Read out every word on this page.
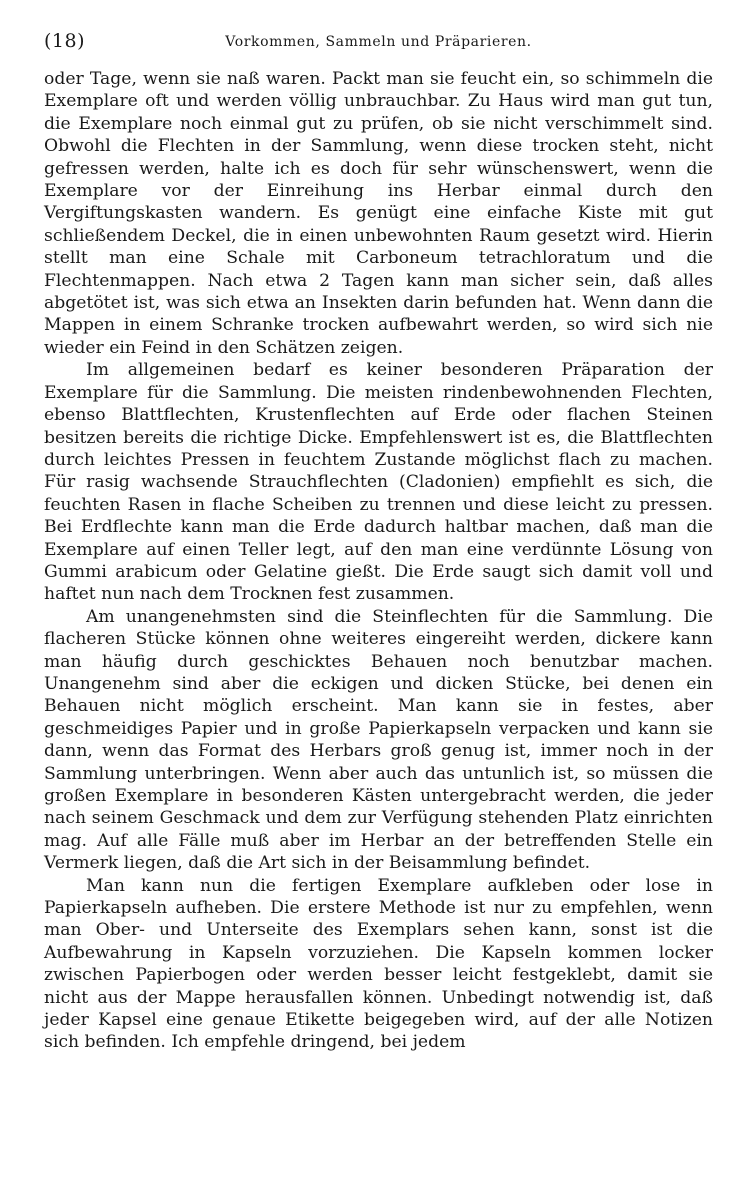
(18)	Vorkommen, Sammeln und Präparieren.

oder Tage, wenn sie naß waren. Packt man sie feucht ein, so schimmeln die Exemplare oft und werden völlig unbrauchbar. Zu Haus wird man gut tun, die Exemplare noch einmal gut zu prüfen, ob sie nicht verschimmelt sind. Obwohl die Flechten in der Sammlung, wenn diese trocken steht, nicht gefressen werden, halte ich es doch für sehr wünschenswert, wenn die Exemplare vor der Einreihung ins Herbar einmal durch den Vergiftungskasten wandern. Es genügt eine einfache Kiste mit gut schließendem Deckel, die in einen unbewohnten Raum gesetzt wird. Hierin stellt man eine Schale mit Carboneum tetrachloratum und die Flechtenmappen. Nach etwa 2 Tagen kann man sicher sein, daß alles abgetötet ist, was sich etwa an Insekten darin befunden hat. Wenn dann die Mappen in einem Schranke trocken aufbewahrt werden, so wird sich nie wieder ein Feind in den Schätzen zeigen.

Im allgemeinen bedarf es keiner besonderen Präparation der Exemplare für die Sammlung. Die meisten rindenbewohnenden Flechten, ebenso Blattflechten, Krustenflechten auf Erde oder flachen Steinen besitzen bereits die richtige Dicke. Empfehlenswert ist es, die Blattflechten durch leichtes Pressen in feuchtem Zustande möglichst flach zu machen. Für rasig wachsende Strauchflechten (Cladonien) empfiehlt es sich, die feuchten Rasen in flache Scheiben zu trennen und diese leicht zu pressen. Bei Erdflechte kann man die Erde dadurch haltbar machen, daß man die Exemplare auf einen Teller legt, auf den man eine verdünnte Lösung von Gummi arabicum oder Gelatine gießt. Die Erde saugt sich damit voll und haftet nun nach dem Trocknen fest zusammen.

Am unangenehmsten sind die Steinflechten für die Sammlung. Die flacheren Stücke können ohne weiteres eingereiht werden, dickere kann man häufig durch geschicktes Behauen noch benutzbar machen. Unangenehm sind aber die eckigen und dicken Stücke, bei denen ein Behauen nicht möglich erscheint. Man kann sie in festes, aber geschmeidiges Papier und in große Papierkapseln verpacken und kann sie dann, wenn das Format des Herbars groß genug ist, immer noch in der Sammlung unterbringen. Wenn aber auch das untunlich ist, so müssen die großen Exemplare in besonderen Kästen untergebracht werden, die jeder nach seinem Geschmack und dem zur Verfügung stehenden Platz einrichten mag. Auf alle Fälle muß aber im Herbar an der betreffenden Stelle ein Vermerk liegen, daß die Art sich in der Beisammlung befindet.

Man kann nun die fertigen Exemplare aufkleben oder lose in Papierkapseln aufheben. Die erstere Methode ist nur zu empfehlen, wenn man Ober- und Unterseite des Exemplars sehen kann, sonst ist die Aufbewahrung in Kapseln vorzuziehen. Die Kapseln kommen locker zwischen Papierbogen oder werden besser leicht festgeklebt, damit sie nicht aus der Mappe herausfallen können. Unbedingt notwendig ist, daß jeder Kapsel eine genaue Etikette beigegeben wird, auf der alle Notizen sich befinden. Ich empfehle dringend, bei jedem
